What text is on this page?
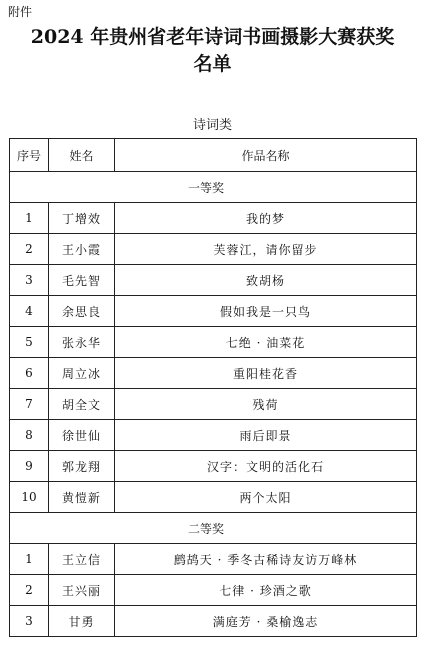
附件
2024 年贵州省老年诗词书画摄影大赛获奖
名单
诗词类
序号	姓名	作品名称
一等奖		
1	丁增效	我的梦
2	王小霞	芙蓉江，请你留步
3	毛先智	致胡杨
4	余思良	假如我是一只鸟
5	张永华	七绝 · 油菜花
6	周立冰	重阳桂花香
7	胡全文	残荷
8	徐世仙	雨后即景
9	郭龙翔	汉字：文明的活化石
10	黄愷新	两个太阳
二等奖		
1	王立信	鹧鸪天 · 季冬古稀诗友访万峰林
2	王兴丽	七律 · 珍酒之歌
3	甘勇	满庭芳 · 桑榆逸志
